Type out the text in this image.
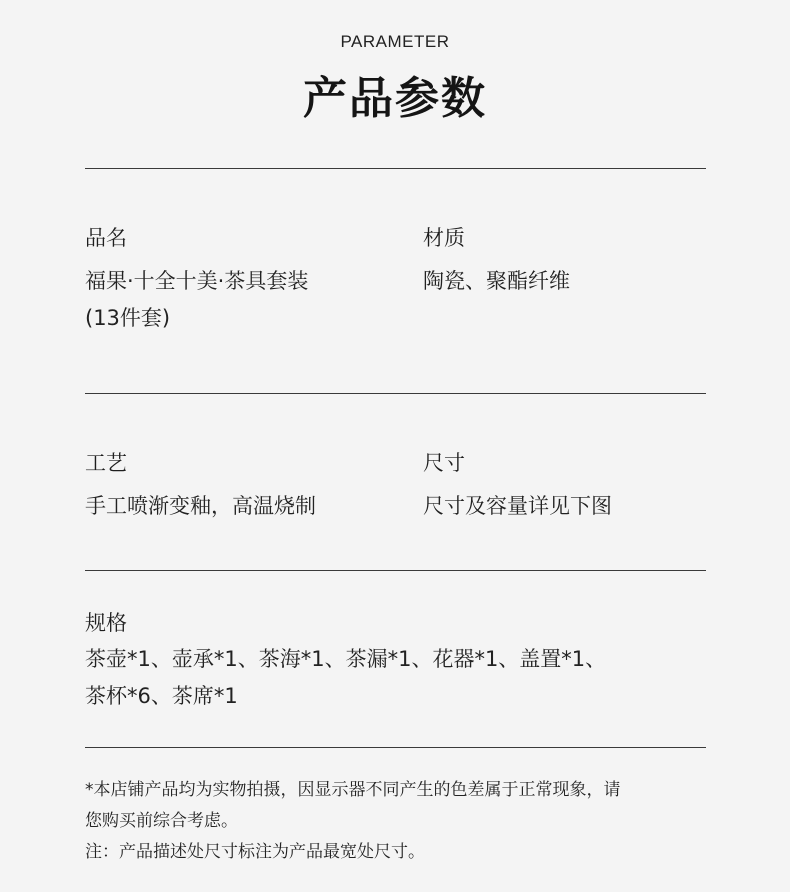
PARAMETER
产品参数
品名
福果·十全十美·茶具套装
(13件套)
材质
陶瓷、聚酯纤维
工艺
手工喷渐变釉，高温烧制
尺寸
尺寸及容量详见下图
规格
茶壶*1、壶承*1、茶海*1、茶漏*1、花器*1、盖置*1、
茶杯*6、茶席*1
*本店铺产品均为实物拍摄，因显示器不同产生的色差属于正常现象，请
您购买前综合考虑。
注：产品描述处尺寸标注为产品最宽处尺寸。
